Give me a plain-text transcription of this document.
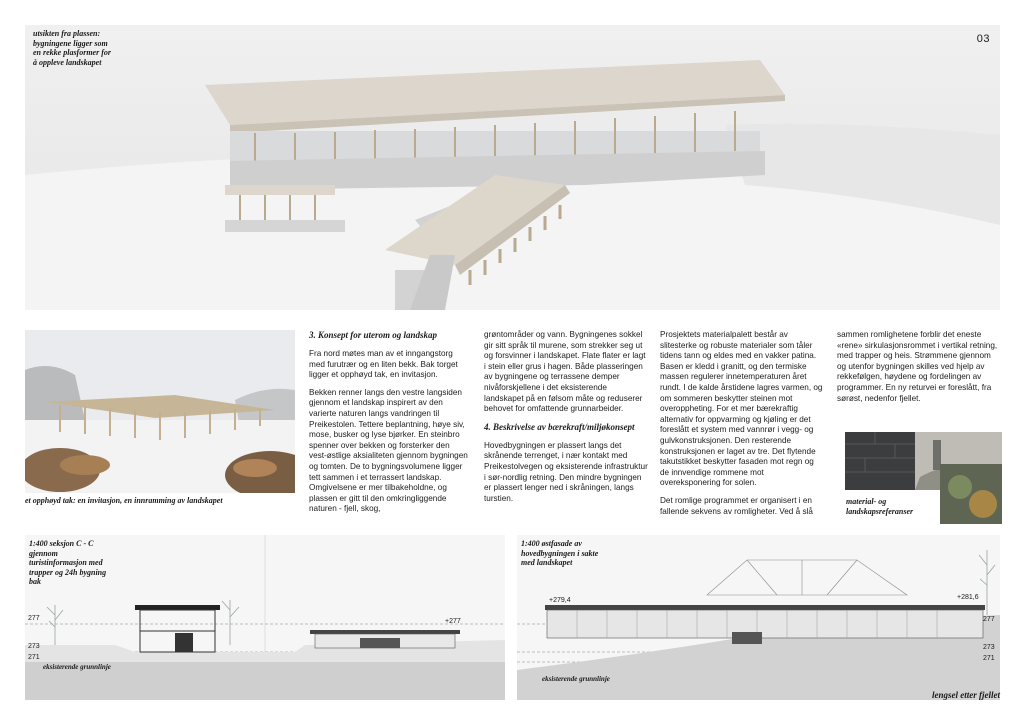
utsikten fra plassen: bygningene ligger som en rekke plasformer for å oppleve landskapet
03
et opphøyd tak: en invitasjon, en innramming av landskapet
3. Konsept for uterom og landskap

Fra nord møtes man av et inngangstorg med furutrær og en liten bekk. Bak torget ligger et opphøyd tak, en invitasjon.

Bekken renner langs den vestre langsiden gjennom et landskap inspirert av den varierte naturen langs vandringen til Preikestolen. Tettere beplantning, høye siv, mose, busker og lyse bjørker. En steinbro spenner over bekken og forsterker den vest-østlige aksialiteten gjennom bygningen og tomten. De to bygningsvolumene ligger tett sammen i et terrassert landskap. Omgivelsene er mer tilbakeholdne, og plassen er gitt til den omkringliggende naturen - fjell, skog,

grøntområder og vann. Bygningenes sokkel gir sitt språk til murene, som strekker seg ut og forsvinner i landskapet. Flate flater er lagt i stein eller grus i hagen. Både plasseringen av bygningene og terrassene demper nivåforskjellene i det eksisterende landskapet på en følsom måte og reduserer behovet for omfattende grunnarbeider.

4. Beskrivelse av bærekraft/miljøkonsept

Hovedbygningen er plassert langs det skrånende terrenget, i nær kontakt med Preikestolvegen og eksisterende infrastruktur i sør-nordlig retning. Den mindre bygningen er plassert lenger ned i skråningen, langs turstien.

Prosjektets materialpalett består av slitesterke og robuste materialer som tåler tidens tann og eldes med en vakker patina. Basen er kledd i granitt, og den termiske massen regulerer innetemperaturen året rundt. I de kalde årstidene lagres varmen, og om sommeren beskytter steinen mot overoppheting. For et mer bærekraftig alternativ for oppvarming og kjøling er det foreslått et system med vannrør i vegg- og gulvkonstruksjonen. Den resterende konstruksjonen er laget av tre. Det flytende takutstikket beskytter fasaden mot regn og de innvendige rommene mot overeksponering for solen.

Det romlige programmet er organisert i en fallende sekvens av romligheter. Ved å slå

sammen romlighetene forblir det eneste «rene» sirkulasjonsrommet i vertikal retning, med trapper og heis. Strømmene gjennom og utenfor bygningen skilles ved hjelp av rekkefølgen, høydene og fordelingen av programmer. En ny returvei er foreslått, fra sørøst, nedenfor fjellet.

material- og landskapsreferanser
1:400 seksjon C - C gjennom turistinformasjon med trapper og 24h bygning bak
277
273
271
+277
eksisterende grunnlinje
1:400 østfasade av hovedbygningen i sakte med landskapet
+279,4	+281,6
277
273
271
eksisterende grunnlinje
lengsel etter fjellet
